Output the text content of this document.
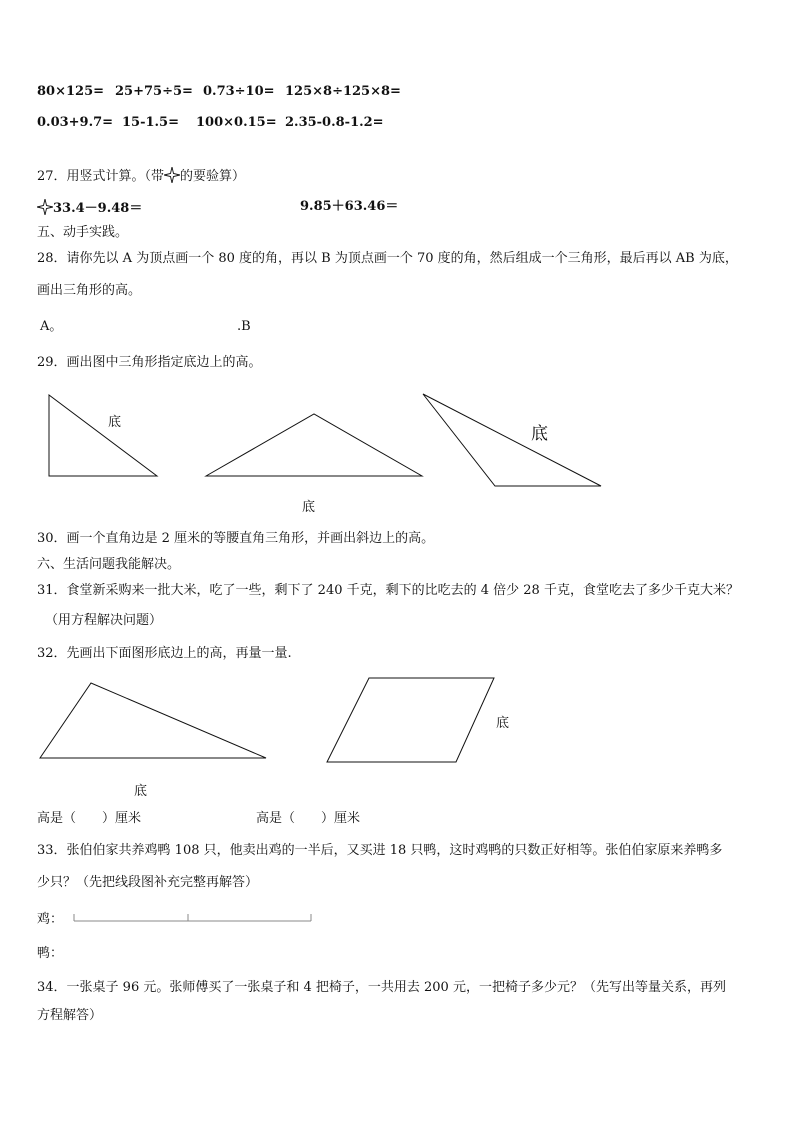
80×125= 25+75÷5= 0.73÷10= 125×8÷125×8=
0.03+9.7= 15-1.5= 100×0.15= 2.35-0.8-1.2=
27．用竖式计算。（带 的要验算）
33.4－9.48＝	9.85＋63.46＝
五、动手实践。
28．请你先以 A 为顶点画一个 80 度的角，再以 B 为顶点画一个 70 度的角，然后组成一个三角形，最后再以 AB 为底，
画出三角形的高。
A。	.B
29．画出图中三角形指定底边上的高。
底
底
底
30．画一个直角边是 2 厘米的等腰直角三角形，并画出斜边上的高。
六、生活问题我能解决。
31．食堂新采购来一批大米，吃了一些，剩下了 240 千克，剩下的比吃去的 4 倍少 28 千克，食堂吃去了多少千克大米？
（用方程解决问题）
32．先画出下面图形底边上的高，再量一量.
底
底
高是（　　）厘米	高是（　　）厘米
33．张伯伯家共养鸡鸭 108 只，他卖出鸡的一半后，又买进 18 只鸭，这时鸡鸭的只数正好相等。张伯伯家原来养鸭多
少只？（先把线段图补充完整再解答）
鸡：
鸭：
34．一张桌子 96 元。张师傅买了一张桌子和 4 把椅子，一共用去 200 元，一把椅子多少元？（先写出等量关系，再列
方程解答）
